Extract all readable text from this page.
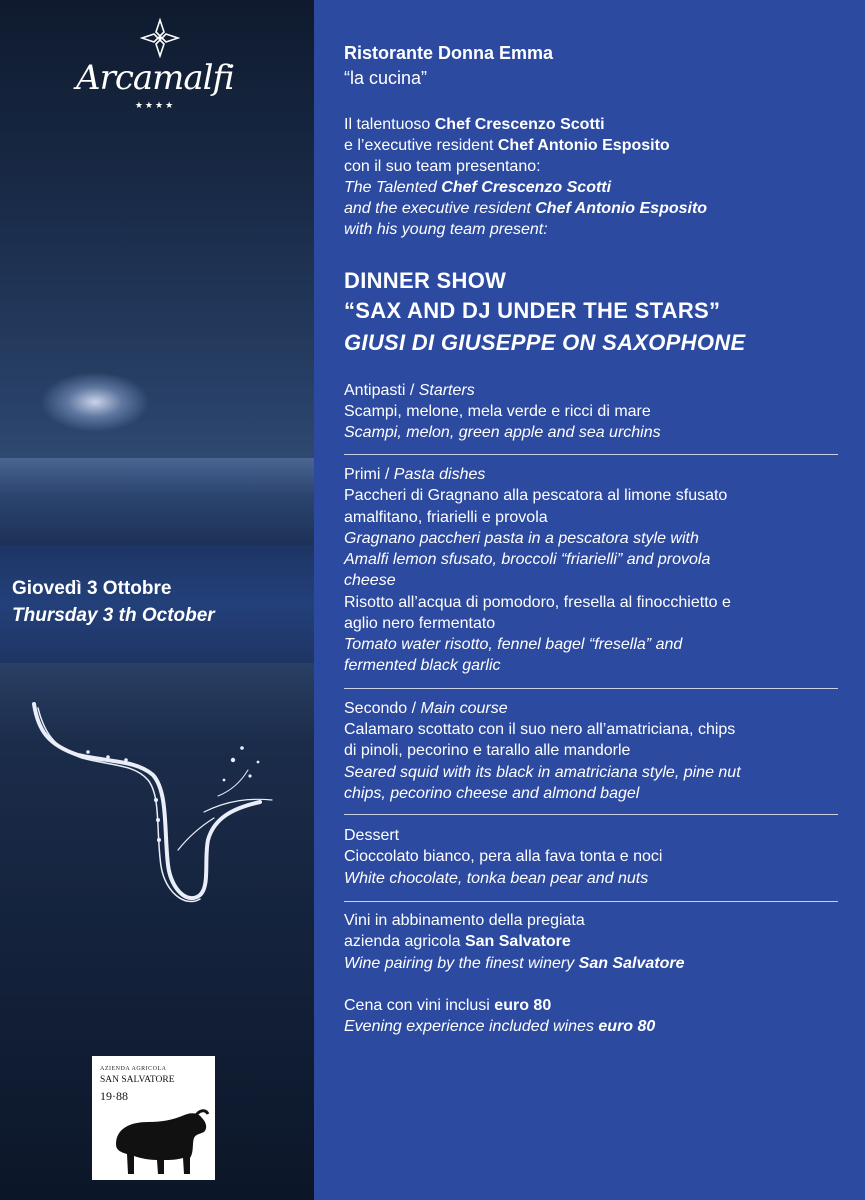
Arcamalfi
★★★★
Giovedì 3 Ottobre
Thursday 3 th October
AZIENDA AGRICOLA
SAN SALVATORE
19·88
Ristorante Donna Emma
“la cucina”
Il talentuoso Chef Crescenzo Scotti
e l’executive resident Chef Antonio Esposito
con il suo team presentano:
The Talented Chef Crescenzo Scotti
and the executive resident Chef Antonio Esposito
with his young team present:
DINNER SHOW
“SAX AND DJ UNDER THE STARS”
GIUSI DI GIUSEPPE ON SAXOPHONE
Antipasti / Starters
Scampi, melone, mela verde e ricci di mare
Scampi, melon, green apple and sea urchins
Primi / Pasta dishes
Paccheri di Gragnano alla pescatora al limone sfusato
amalfitano, friarielli e provola
Gragnano paccheri pasta in a pescatora style with
Amalfi lemon sfusato, broccoli “friarielli” and provola
cheese
Risotto all’acqua di pomodoro, fresella al finocchietto e
aglio nero fermentato
Tomato water risotto, fennel bagel “fresella” and
fermented black garlic
Secondo / Main course
Calamaro scottato con il suo nero all’amatriciana, chips
di pinoli, pecorino e tarallo alle mandorle
Seared squid with its black in amatriciana style, pine nut
chips, pecorino cheese and almond bagel
Dessert
Cioccolato bianco, pera alla fava tonta e noci
White chocolate, tonka bean pear and nuts
Vini in abbinamento della pregiata
azienda agricola San Salvatore
Wine pairing by the finest winery San Salvatore
Cena con vini inclusi euro 80
Evening experience included wines euro 80
